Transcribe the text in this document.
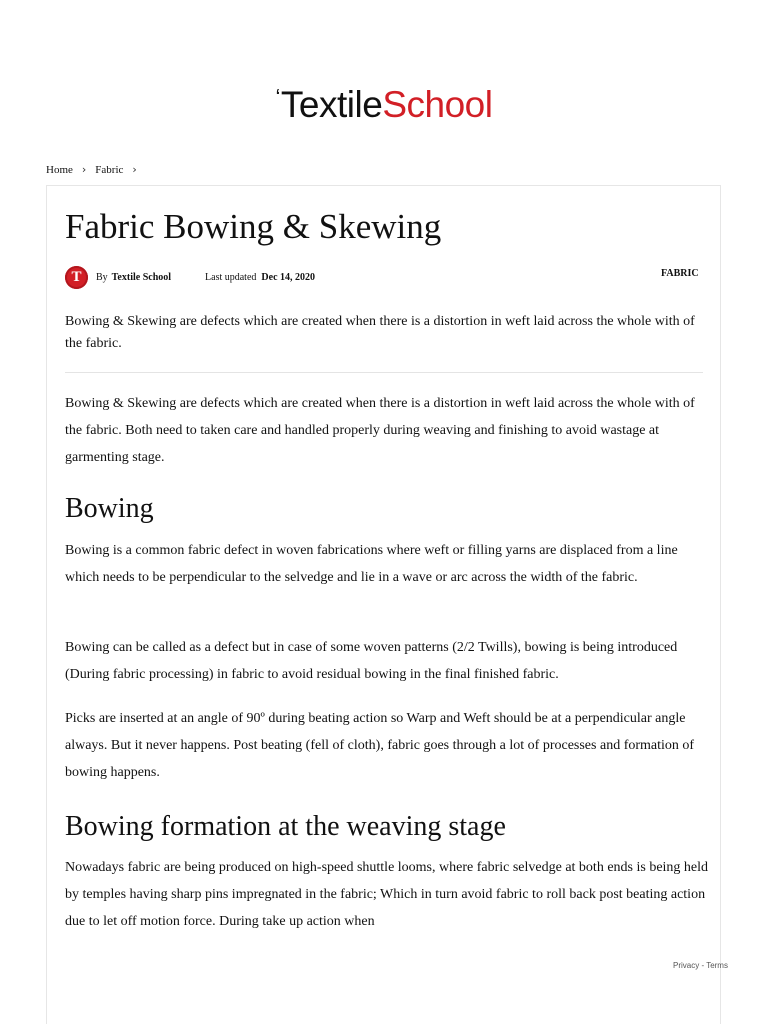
$^ʻ$TextileSchool
Home › Fabric ›
Fabric Bowing & Skewing
T	By Textile School	Last updated Dec 14, 2020	FABRIC

Bowing & Skewing are defects which are created when there is a distortion in weft laid across the whole with of the fabric.

Bowing & Skewing are defects which are created when there is a distortion in weft laid across the whole with of the fabric. Both need to taken care and handled properly during weaving and finishing to avoid wastage at garmenting stage.

Bowing

Bowing is a common fabric defect in woven fabrications where weft or filling yarns are displaced from a line which needs to be perpendicular to the selvedge and lie in a wave or arc across the width of the fabric.

Bowing can be called as a defect but in case of some woven patterns (2/2 Twills), bowing is being introduced (During fabric processing) in fabric to avoid residual bowing in the final finished fabric.

Picks are inserted at an angle of 90º during beating action so Warp and Weft should be at a perpendicular angle always. But it never happens. Post beating (fell of cloth), fabric goes through a lot of processes and formation of bowing happens.

Bowing formation at the weaving stage

Nowadays fabric are being produced on high-speed shuttle looms, where fabric selvedge at both ends is being held by temples having sharp pins impregnated in the fabric; Which in turn avoid fabric to roll back post beating action due to let off motion force. During take up action when

Privacy - Terms
